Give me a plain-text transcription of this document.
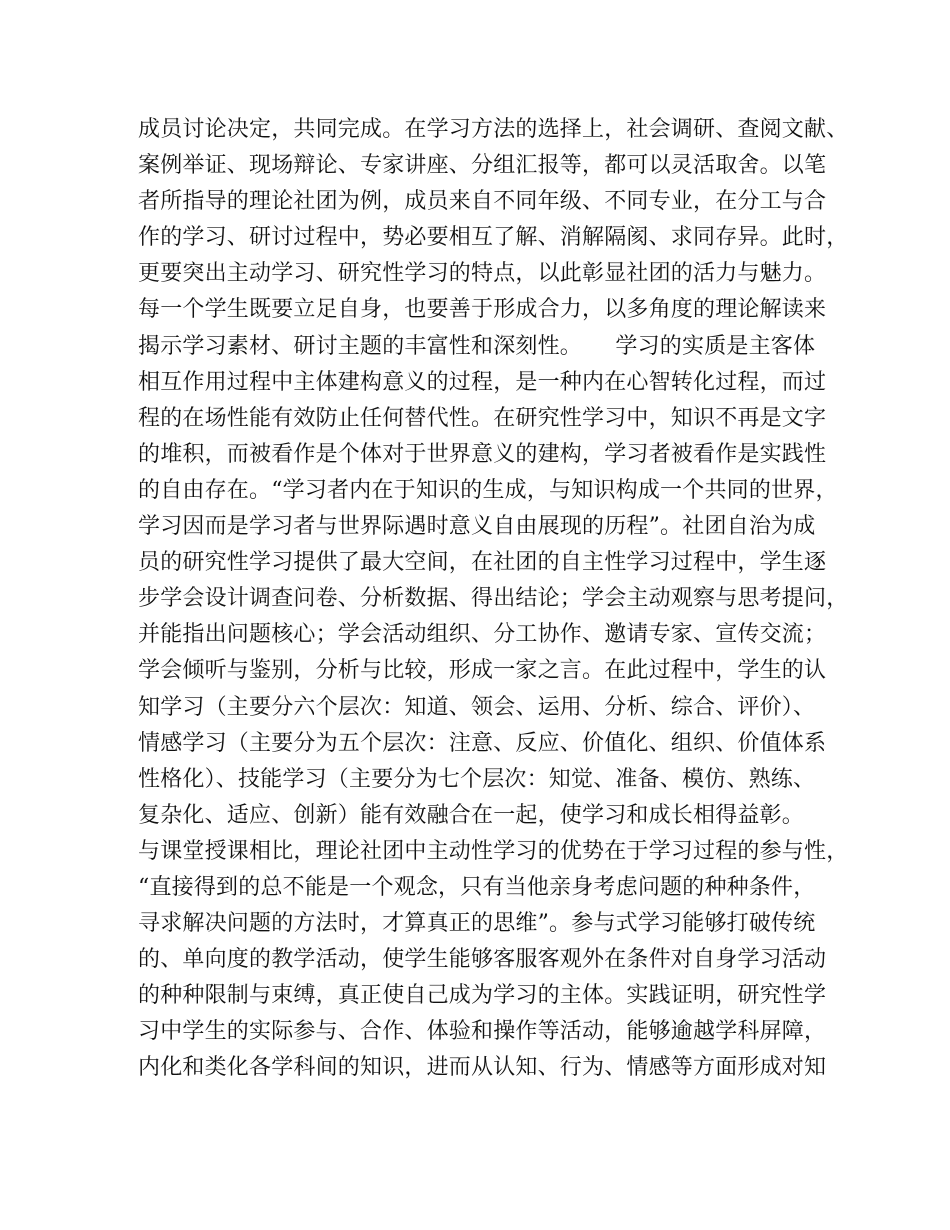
成员讨论决定，共同完成。在学习方法的选择上，社会调研、查阅文献、
案例举证、现场辩论、专家讲座、分组汇报等，都可以灵活取舍。以笔
者所指导的理论社团为例，成员来自不同年级、不同专业，在分工与合
作的学习、研讨过程中，势必要相互了解、消解隔阂、求同存异。此时，
更要突出主动学习、研究性学习的特点，以此彰显社团的活力与魅力。
每一个学生既要立足自身，也要善于形成合力，以多角度的理论解读来
揭示学习素材、研讨主题的丰富性和深刻性。　　学习的实质是主客体
相互作用过程中主体建构意义的过程，是一种内在心智转化过程，而过
程的在场性能有效防止任何替代性。在研究性学习中，知识不再是文字
的堆积，而被看作是个体对于世界意义的建构，学习者被看作是实践性
的自由存在。“学习者内在于知识的生成，与知识构成一个共同的世界，
学习因而是学习者与世界际遇时意义自由展现的历程”。社团自治为成
员的研究性学习提供了最大空间，在社团的自主性学习过程中，学生逐
步学会设计调查问卷、分析数据、得出结论；学会主动观察与思考提问，
并能指出问题核心；学会活动组织、分工协作、邀请专家、宣传交流；
学会倾听与鉴别，分析与比较，形成一家之言。在此过程中，学生的认
知学习（主要分六个层次：知道、领会、运用、分析、综合、评价）、
情感学习（主要分为五个层次：注意、反应、价值化、组织、价值体系
性格化）、技能学习（主要分为七个层次：知觉、准备、模仿、熟练、
复杂化、适应、创新）能有效融合在一起，使学习和成长相得益彰。
与课堂授课相比，理论社团中主动性学习的优势在于学习过程的参与性，
“直接得到的总不能是一个观念，只有当他亲身考虑问题的种种条件，
寻求解决问题的方法时，才算真正的思维”。参与式学习能够打破传统
的、单向度的教学活动，使学生能够客服客观外在条件对自身学习活动
的种种限制与束缚，真正使自己成为学习的主体。实践证明，研究性学
习中学生的实际参与、合作、体验和操作等活动，能够逾越学科屏障，
内化和类化各学科间的知识，进而从认知、行为、情感等方面形成对知
